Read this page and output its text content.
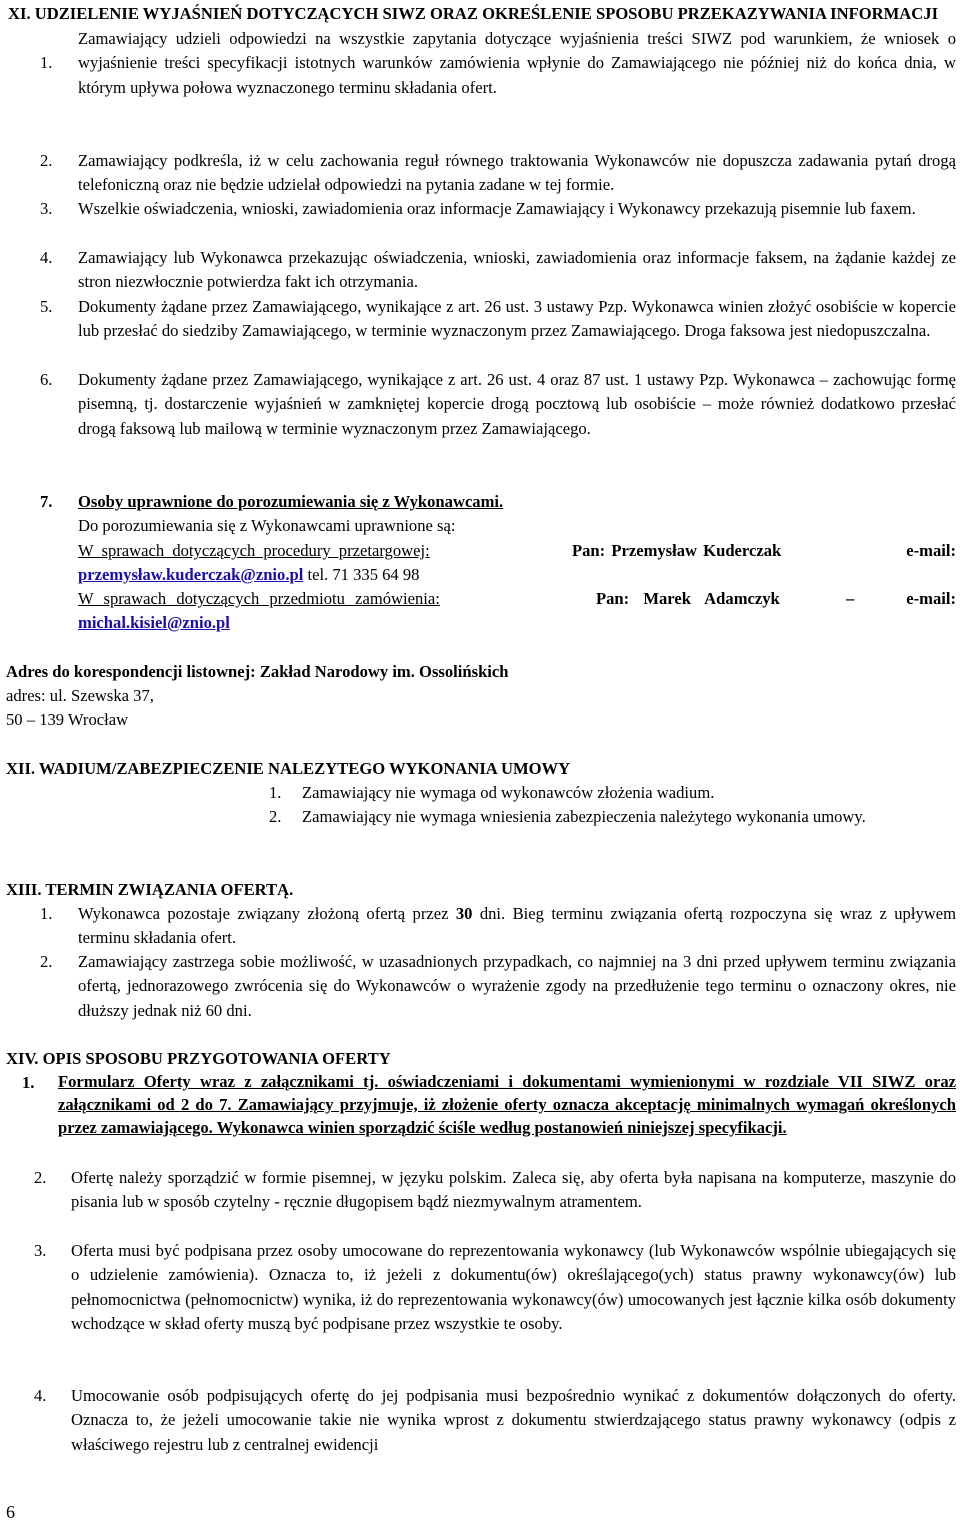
XI. UDZIELENIE WYJAŚNIEŃ DOTYCZĄCYCH SIWZ ORAZ OKREŚLENIE SPOSOBU PRZEKAZYWANIA INFORMACJI
1.
Zamawiający udzieli odpowiedzi na wszystkie zapytania dotyczące wyjaśnienia treści SIWZ pod warunkiem, że wniosek o wyjaśnienie treści specyfikacji istotnych warunków zamówienia wpłynie do Zamawiającego nie później niż do końca dnia, w którym upływa połowa wyznaczonego terminu składania ofert.
2.	Zamawiający podkreśla, iż w celu zachowania reguł równego traktowania Wykonawców nie dopuszcza zadawania pytań drogą telefoniczną oraz nie będzie udzielał odpowiedzi na pytania zadane w tej formie.
3.	Wszelkie oświadczenia, wnioski, zawiadomienia oraz informacje Zamawiający i Wykonawcy przekazują pisemnie lub faxem.
4.	Zamawiający lub Wykonawca przekazując oświadczenia, wnioski, zawiadomienia oraz informacje faksem, na żądanie każdej ze stron niezwłocznie potwierdza fakt ich otrzymania.
5.	Dokumenty żądane przez Zamawiającego, wynikające z art. 26 ust. 3 ustawy Pzp. Wykonawca winien złożyć osobiście w kopercie lub przesłać do siedziby Zamawiającego, w terminie wyznaczonym przez Zamawiającego. Droga faksowa jest niedopuszczalna.
6.	Dokumenty żądane przez Zamawiającego, wynikające z art. 26 ust. 4 oraz 87 ust. 1 ustawy Pzp. Wykonawca – zachowując formę pisemną, tj. dostarczenie wyjaśnień w zamkniętej kopercie drogą pocztową lub osobiście – może również dodatkowo przesłać drogą faksową lub mailową w terminie wyznaczonym przez Zamawiającego.
7.	Osoby uprawnione do porozumiewania się z Wykonawcami.
Do porozumiewania się z Wykonawcami uprawnione są:
W sprawach dotyczących procedury przetargowej:	Pan: Przemysław Kuderczak	e-mail:
przemysław.kuderczak@znio.pl tel. 71 335 64 98
W sprawach dotyczących przedmiotu zamówienia:	Pan: Marek Adamczyk	–	e-mail:
michal.kisiel@znio.pl
Adres do korespondencji listownej: Zakład Narodowy im. Ossolińskich
adres: ul. Szewska 37,
50 – 139 Wrocław
XII. WADIUM/ZABEZPIECZENIE NALEZYTEGO WYKONANIA UMOWY
1.	Zamawiający nie wymaga od wykonawców złożenia wadium.
2.	Zamawiający nie wymaga wniesienia zabezpieczenia należytego wykonania umowy.
XIII. TERMIN ZWIĄZANIA OFERTĄ.
1.	Wykonawca pozostaje związany złożoną ofertą przez 30 dni. Bieg terminu związania ofertą rozpoczyna się wraz z upływem terminu składania ofert.
2.	Zamawiający zastrzega sobie możliwość, w uzasadnionych przypadkach, co najmniej na 3 dni przed upływem terminu związania ofertą, jednorazowego zwrócenia się do Wykonawców o wyrażenie zgody na przedłużenie tego terminu o oznaczony okres, nie dłuższy jednak niż 60 dni.
XIV. OPIS SPOSOBU PRZYGOTOWANIA OFERTY
1.	Formularz Oferty wraz z załącznikami tj. oświadczeniami i dokumentami wymienionymi w rozdziale VII SIWZ oraz załącznikami od 2 do 7. Zamawiający przyjmuje, iż złożenie oferty oznacza akceptację minimalnych wymagań określonych przez zamawiającego. Wykonawca winien sporządzić ściśle według postanowień niniejszej specyfikacji.
2.	Ofertę należy sporządzić w formie pisemnej, w języku polskim. Zaleca się, aby oferta była napisana na komputerze, maszynie do pisania lub w sposób czytelny - ręcznie długopisem bądź niezmywalnym atramentem.
3.	Oferta musi być podpisana przez osoby umocowane do reprezentowania wykonawcy (lub Wykonawców wspólnie ubiegających się o udzielenie zamówienia). Oznacza to, iż jeżeli z dokumentu(ów) określającego(ych) status prawny wykonawcy(ów) lub pełnomocnictwa (pełnomocnictw) wynika, iż do reprezentowania wykonawcy(ów) umocowanych jest łącznie kilka osób dokumenty wchodzące w skład oferty muszą być podpisane przez wszystkie te osoby.
4.	Umocowanie osób podpisujących ofertę do jej podpisania musi bezpośrednio wynikać z dokumentów dołączonych do oferty. Oznacza to, że jeżeli umocowanie takie nie wynika wprost z dokumentu stwierdzającego status prawny wykonawcy (odpis z właściwego rejestru lub z centralnej ewidencji
6
